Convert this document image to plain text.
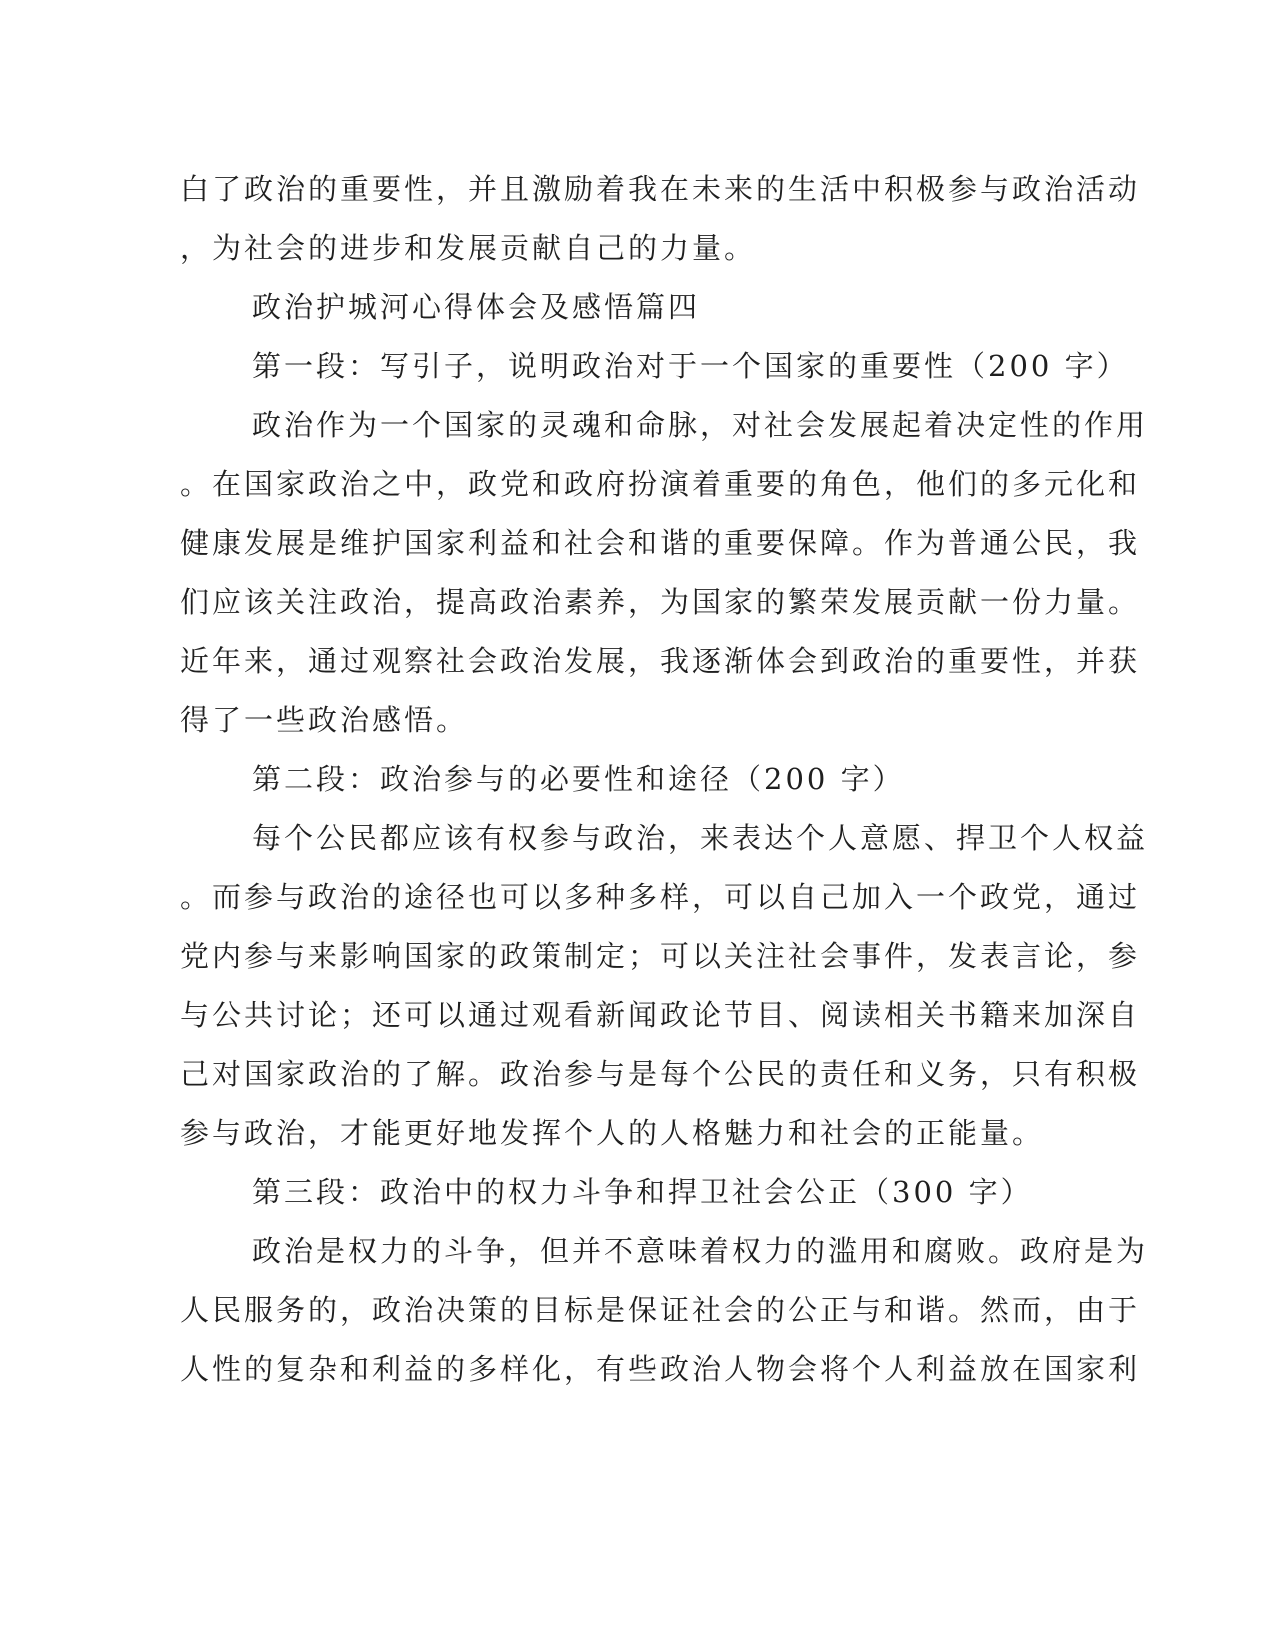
白了政治的重要性，并且激励着我在未来的生活中积极参与政治活动
，为社会的进步和发展贡献自己的力量。
政治护城河心得体会及感悟篇四
第一段：写引子，说明政治对于一个国家的重要性（200 字）
政治作为一个国家的灵魂和命脉，对社会发展起着决定性的作用
。在国家政治之中，政党和政府扮演着重要的角色，他们的多元化和
健康发展是维护国家利益和社会和谐的重要保障。作为普通公民，我
们应该关注政治，提高政治素养，为国家的繁荣发展贡献一份力量。
近年来，通过观察社会政治发展，我逐渐体会到政治的重要性，并获
得了一些政治感悟。
第二段：政治参与的必要性和途径（200 字）
每个公民都应该有权参与政治，来表达个人意愿、捍卫个人权益
。而参与政治的途径也可以多种多样，可以自己加入一个政党，通过
党内参与来影响国家的政策制定；可以关注社会事件，发表言论，参
与公共讨论；还可以通过观看新闻政论节目、阅读相关书籍来加深自
己对国家政治的了解。政治参与是每个公民的责任和义务，只有积极
参与政治，才能更好地发挥个人的人格魅力和社会的正能量。
第三段：政治中的权力斗争和捍卫社会公正（300 字）
政治是权力的斗争，但并不意味着权力的滥用和腐败。政府是为
人民服务的，政治决策的目标是保证社会的公正与和谐。然而，由于
人性的复杂和利益的多样化，有些政治人物会将个人利益放在国家利
